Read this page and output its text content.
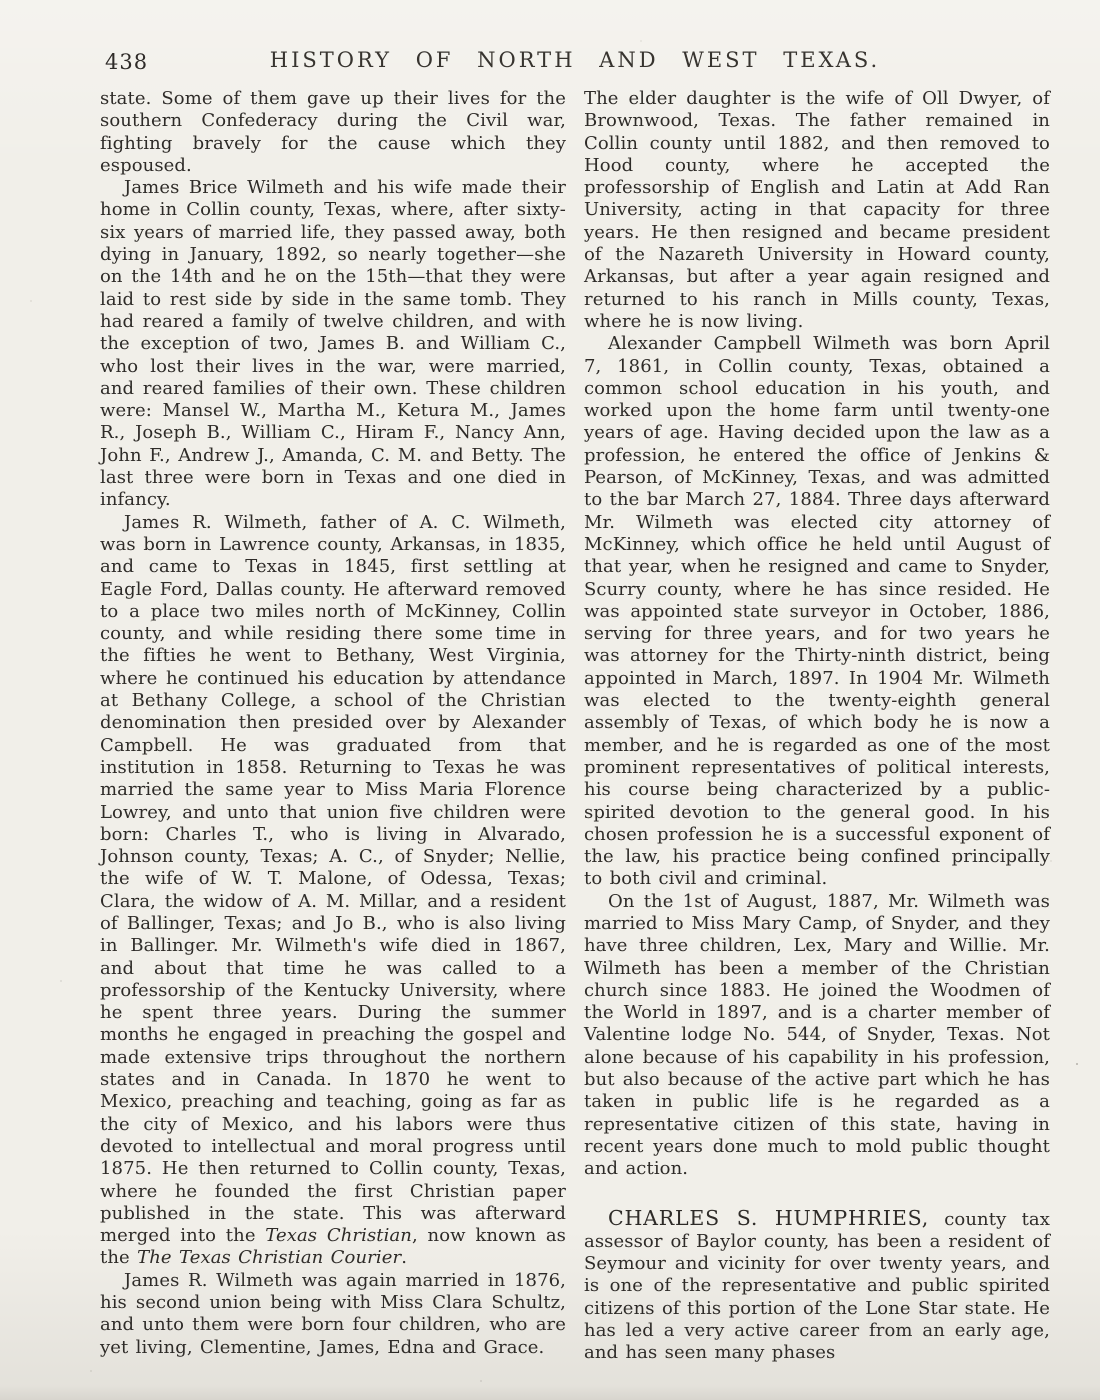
438	HISTORY OF NORTH AND WEST TEXAS.

state. Some of them gave up their lives for the southern Confederacy during the Civil war, fighting bravely for the cause which they espoused.

James Brice Wilmeth and his wife made their home in Collin county, Texas, where, after sixty-six years of married life, they passed away, both dying in January, 1892, so nearly together—she on the 14th and he on the 15th—that they were laid to rest side by side in the same tomb. They had reared a family of twelve children, and with the exception of two, James B. and William C., who lost their lives in the war, were married, and reared families of their own. These children were: Mansel W., Martha M., Ketura M., James R., Joseph B., William C., Hiram F., Nancy Ann, John F., Andrew J., Amanda, C. M. and Betty. The last three were born in Texas and one died in infancy.

James R. Wilmeth, father of A. C. Wilmeth, was born in Lawrence county, Arkansas, in 1835, and came to Texas in 1845, first settling at Eagle Ford, Dallas county. He afterward removed to a place two miles north of McKinney, Collin county, and while residing there some time in the fifties he went to Bethany, West Virginia, where he continued his education by attendance at Bethany College, a school of the Christian denomination then presided over by Alexander Campbell. He was graduated from that institution in 1858. Returning to Texas he was married the same year to Miss Maria Florence Lowrey, and unto that union five children were born: Charles T., who is living in Alvarado, Johnson county, Texas; A. C., of Snyder; Nellie, the wife of W. T. Malone, of Odessa, Texas; Clara, the widow of A. M. Millar, and a resident of Ballinger, Texas; and Jo B., who is also living in Ballinger. Mr. Wilmeth's wife died in 1867, and about that time he was called to a professorship of the Kentucky University, where he spent three years. During the summer months he engaged in preaching the gospel and made extensive trips throughout the northern states and in Canada. In 1870 he went to Mexico, preaching and teaching, going as far as the city of Mexico, and his labors were thus devoted to intellectual and moral progress until 1875. He then returned to Collin county, Texas, where he founded the first Christian paper published in the state. This was afterward merged into the Texas Christian, now known as the The Texas Christian Courier.

James R. Wilmeth was again married in 1876, his second union being with Miss Clara Schultz, and unto them were born four children, who are yet living, Clementine, James, Edna and Grace.

The elder daughter is the wife of Oll Dwyer, of Brownwood, Texas. The father remained in Collin county until 1882, and then removed to Hood county, where he accepted the professorship of English and Latin at Add Ran University, acting in that capacity for three years. He then resigned and became president of the Nazareth University in Howard county, Arkansas, but after a year again resigned and returned to his ranch in Mills county, Texas, where he is now living.

Alexander Campbell Wilmeth was born April 7, 1861, in Collin county, Texas, obtained a common school education in his youth, and worked upon the home farm until twenty-one years of age. Having decided upon the law as a profession, he entered the office of Jenkins & Pearson, of McKinney, Texas, and was admitted to the bar March 27, 1884. Three days afterward Mr. Wilmeth was elected city attorney of McKinney, which office he held until August of that year, when he resigned and came to Snyder, Scurry county, where he has since resided. He was appointed state surveyor in October, 1886, serving for three years, and for two years he was attorney for the Thirty-ninth district, being appointed in March, 1897. In 1904 Mr. Wilmeth was elected to the twenty-eighth general assembly of Texas, of which body he is now a member, and he is regarded as one of the most prominent representatives of political interests, his course being characterized by a public-spirited devotion to the general good. In his chosen profession he is a successful exponent of the law, his practice being confined principally to both civil and criminal.

On the 1st of August, 1887, Mr. Wilmeth was married to Miss Mary Camp, of Snyder, and they have three children, Lex, Mary and Willie. Mr. Wilmeth has been a member of the Christian church since 1883. He joined the Woodmen of the World in 1897, and is a charter member of Valentine lodge No. 544, of Snyder, Texas. Not alone because of his capability in his profession, but also because of the active part which he has taken in public life is he regarded as a representative citizen of this state, having in recent years done much to mold public thought and action.

CHARLES S. HUMPHRIES, county tax assessor of Baylor county, has been a resident of Seymour and vicinity for over twenty years, and is one of the representative and public spirited citizens of this portion of the Lone Star state. He has led a very active career from an early age, and has seen many phases
